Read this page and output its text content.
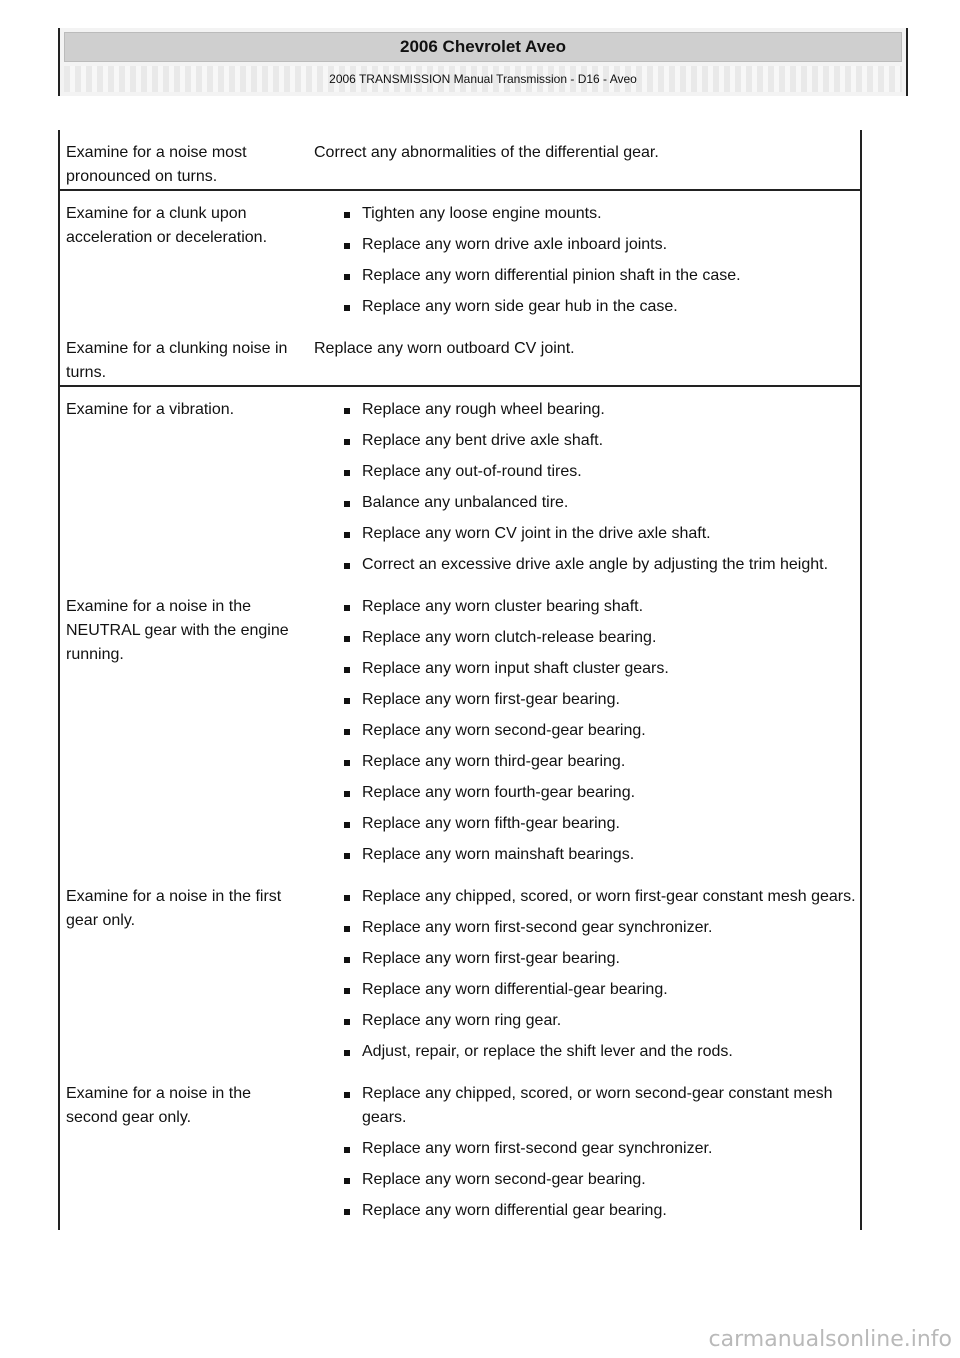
2006 Chevrolet Aveo
2006 TRANSMISSION Manual Transmission - D16 - Aveo
Examine for a noise most pronounced on turns.
Correct any abnormalities of the differential gear.
Examine for a clunk upon acceleration or deceleration.
Tighten any loose engine mounts.
Replace any worn drive axle inboard joints.
Replace any worn differential pinion shaft in the case.
Replace any worn side gear hub in the case.
Examine for a clunking noise in turns.
Replace any worn outboard CV joint.
Examine for a vibration.	Replace any rough wheel bearing.
Replace any bent drive axle shaft.
Replace any out-of-round tires.
Balance any unbalanced tire.
Replace any worn CV joint in the drive axle shaft.
Correct an excessive drive axle angle by adjusting the trim height.
Examine for a noise in the NEUTRAL gear with the engine running.
Replace any worn cluster bearing shaft.
Replace any worn clutch-release bearing.
Replace any worn input shaft cluster gears.
Replace any worn first-gear bearing.
Replace any worn second-gear bearing.
Replace any worn third-gear bearing.
Replace any worn fourth-gear bearing.
Replace any worn fifth-gear bearing.
Replace any worn mainshaft bearings.
Examine for a noise in the first gear only.
Replace any chipped, scored, or worn first-gear constant mesh gears.
Replace any worn first-second gear synchronizer.
Replace any worn first-gear bearing.
Replace any worn differential-gear bearing.
Replace any worn ring gear.
Adjust, repair, or replace the shift lever and the rods.
Examine for a noise in the second gear only.
Replace any chipped, scored, or worn second-gear constant mesh gears.
Replace any worn first-second gear synchronizer.
Replace any worn second-gear bearing.
Replace any worn differential gear bearing.
carmanualsonline.info
